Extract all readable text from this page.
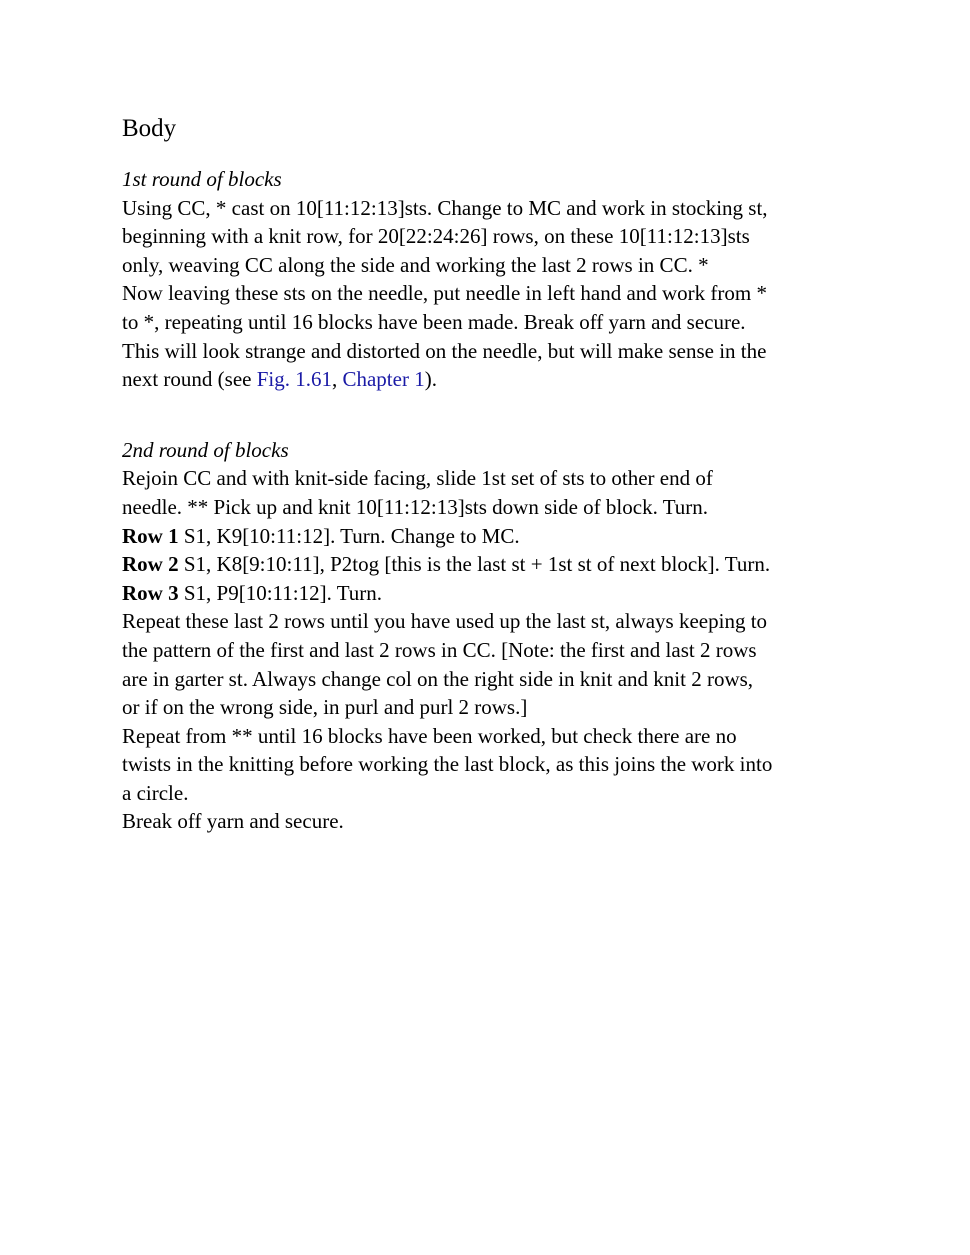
Body
1st round of blocks
Using CC, * cast on 10[11:12:13]sts. Change to MC and work in stocking st,
beginning with a knit row, for 20[22:24:26] rows, on these 10[11:12:13]sts
only, weaving CC along the side and working the last 2 rows in CC. *
Now leaving these sts on the needle, put needle in left hand and work from *
to *, repeating until 16 blocks have been made. Break off yarn and secure.
This will look strange and distorted on the needle, but will make sense in the
next round (see Fig. 1.61, Chapter 1).
2nd round of blocks
Rejoin CC and with knit-side facing, slide 1st set of sts to other end of
needle. ** Pick up and knit 10[11:12:13]sts down side of block. Turn.
Row 1 S1, K9[10:11:12]. Turn. Change to MC.
Row 2 S1, K8[9:10:11], P2tog [this is the last st + 1st st of next block]. Turn.
Row 3 S1, P9[10:11:12]. Turn.
Repeat these last 2 rows until you have used up the last st, always keeping to
the pattern of the first and last 2 rows in CC. [Note: the first and last 2 rows
are in garter st. Always change col on the right side in knit and knit 2 rows,
or if on the wrong side, in purl and purl 2 rows.]
Repeat from ** until 16 blocks have been worked, but check there are no
twists in the knitting before working the last block, as this joins the work into
a circle.
Break off yarn and secure.
